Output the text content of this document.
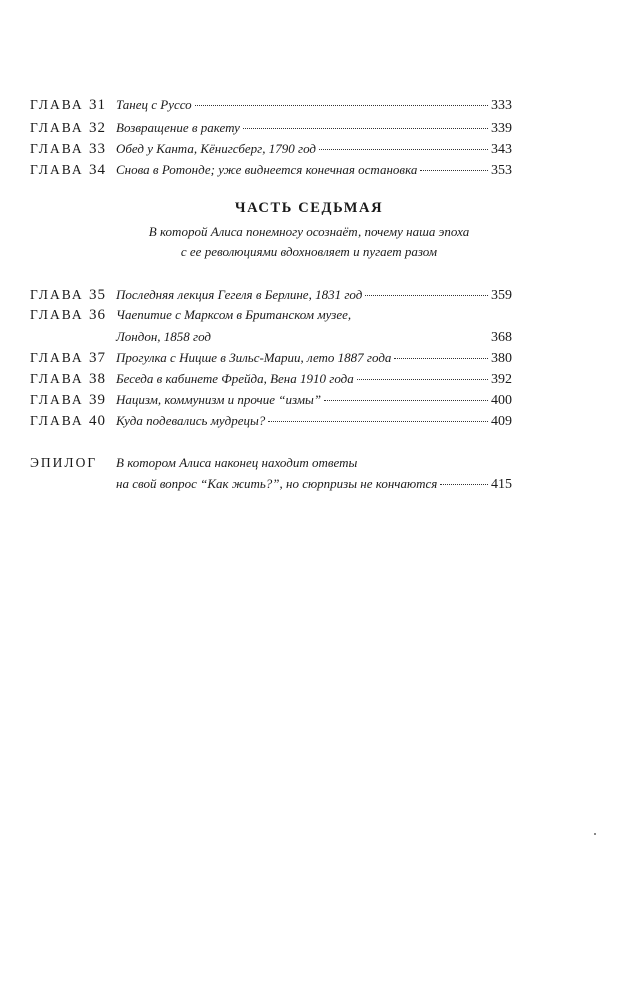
ГЛАВА 31 Танец с Руссо	333
ГЛАВА 32 Возвращение в ракету	339
ГЛАВА 33 Обед у Канта, Кёнигсберг, 1790 год	343
ГЛАВА 34 Снова в Ротонде; уже виднеется конечная остановка	353
ЧАСТЬ СЕДЬМАЯ
В которой Алиса понемногу осознаёт, почему наша эпоха
с ее революциями вдохновляет и пугает разом
ГЛАВА 35 Последняя лекция Гегеля в Берлине, 1831 год	359
ГЛАВА 36 Чаепитие с Марксом в Британском музее,
Лондон, 1858 год	368
ГЛАВА 37 Прогулка с Ницше в Зильс-Марии, лето 1887 года	380
ГЛАВА 38 Беседа в кабинете Фрейда, Вена 1910 года	392
ГЛАВА 39 Нацизм, коммунизм и прочие “измы”	400
ГЛАВА 40 Куда подевались мудрецы?	409
ЭПИЛОГ В котором Алиса наконец находит ответы
на свой вопрос “Как жить?”, но сюрпризы не кончаются	415
